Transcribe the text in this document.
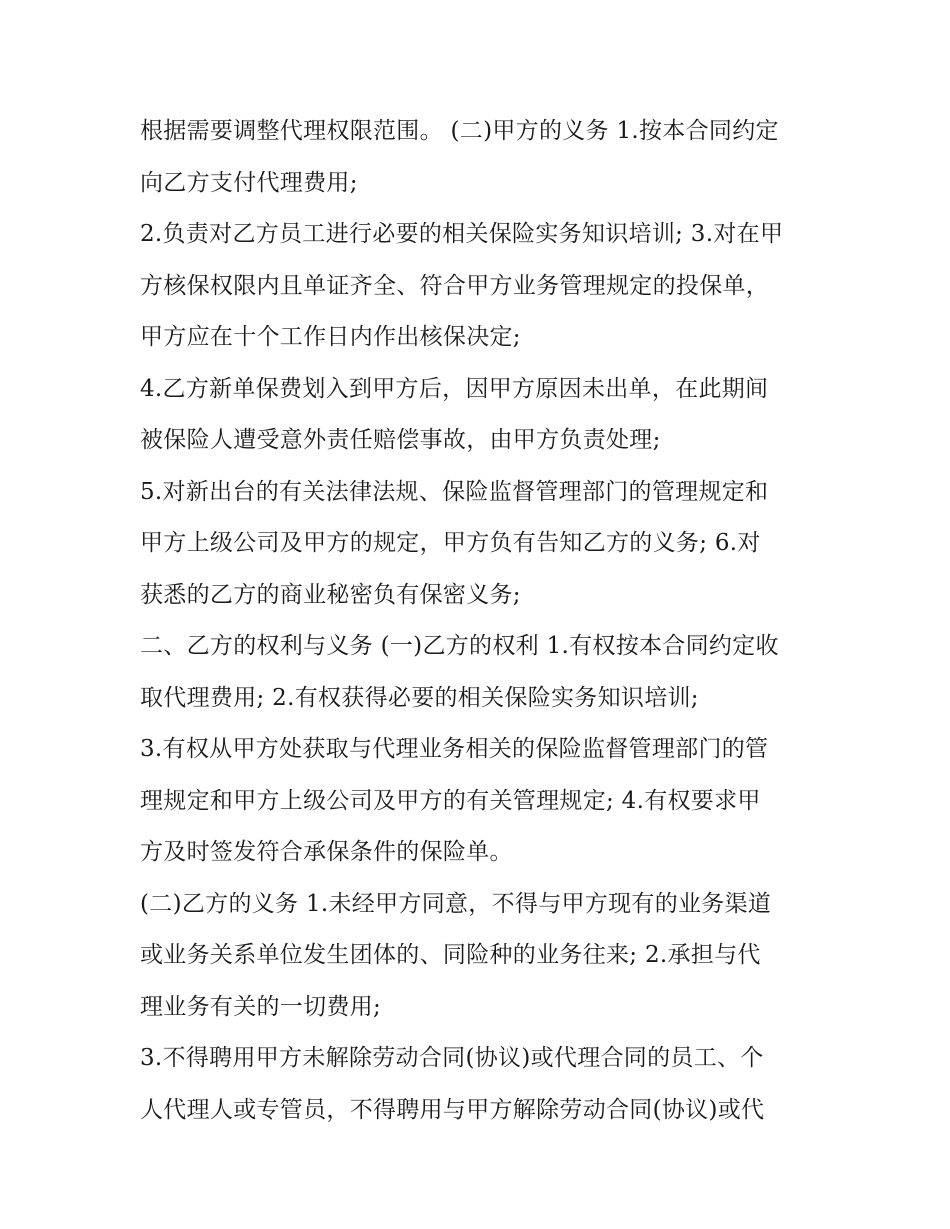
根据需要调整代理权限范围。 (二)甲方的义务 1.按本合同约定
向乙方支付代理费用;
2.负责对乙方员工进行必要的相关保险实务知识培训; 3.对在甲
方核保权限内且单证齐全、符合甲方业务管理规定的投保单，
甲方应在十个工作日内作出核保决定;
4.乙方新单保费划入到甲方后，因甲方原因未出单，在此期间
被保险人遭受意外责任赔偿事故，由甲方负责处理;
5.对新出台的有关法律法规、保险监督管理部门的管理规定和
甲方上级公司及甲方的规定，甲方负有告知乙方的义务; 6.对
获悉的乙方的商业秘密负有保密义务;
二、乙方的权利与义务 (一)乙方的权利 1.有权按本合同约定收
取代理费用; 2.有权获得必要的相关保险实务知识培训;
3.有权从甲方处获取与代理业务相关的保险监督管理部门的管
理规定和甲方上级公司及甲方的有关管理规定; 4.有权要求甲
方及时签发符合承保条件的保险单。
(二)乙方的义务 1.未经甲方同意，不得与甲方现有的业务渠道
或业务关系单位发生团体的、同险种的业务往来; 2.承担与代
理业务有关的一切费用;
3.不得聘用甲方未解除劳动合同(协议)或代理合同的员工、个
人代理人或专管员，不得聘用与甲方解除劳动合同(协议)或代
